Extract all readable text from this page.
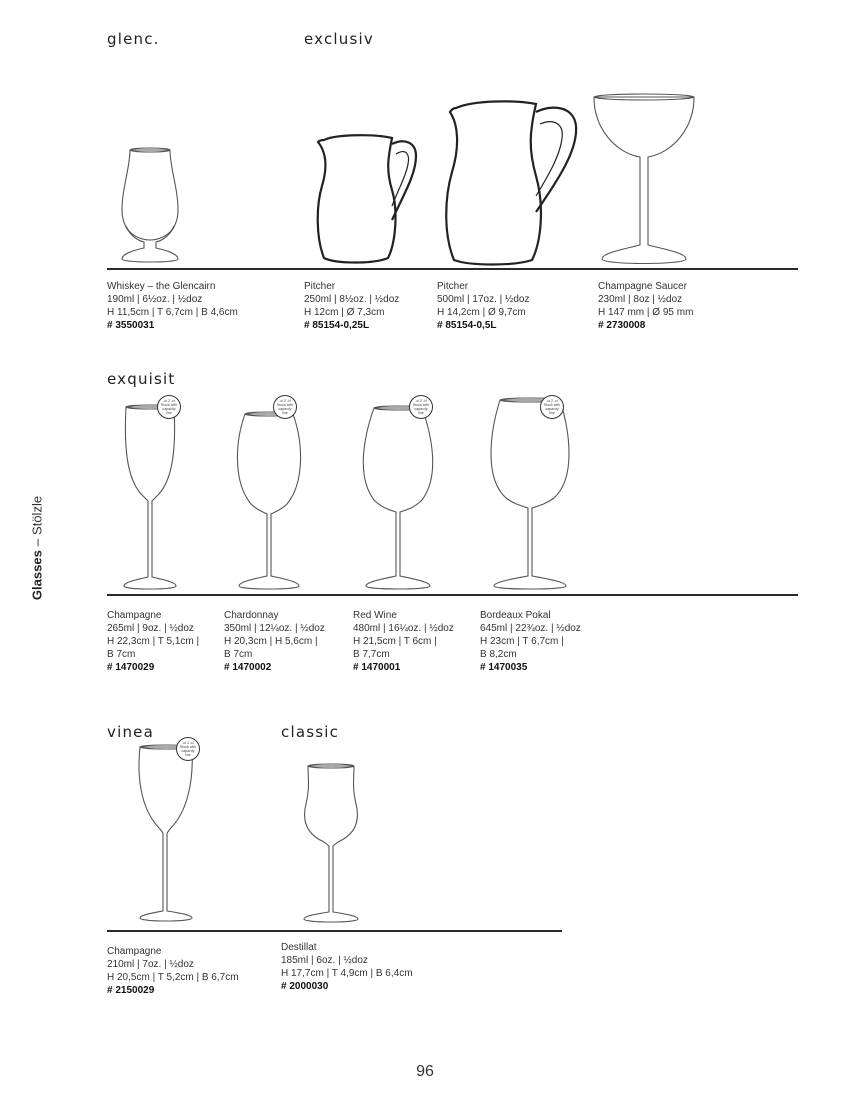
glenc.	exclusiv
exquisit
vinea	classic
Whiskey – the Glencairn
190ml | 6½oz. | ½doz
H 11,5cm | T 6,7cm | B 4,6cm
# 3550031
Pitcher
250ml | 8½oz. | ½doz
H 12cm | Ø 7,3cm
# 85154-0,25L
Pitcher
500ml | 17oz. | ½doz
H 14,2cm | Ø 9,7cm
# 85154-0,5L
Champagne Saucer
230ml | 8oz | ½doz
H 147 mm | Ø 95 mm
# 2730008
-cl 2 -cl
Stock with
capacity
line
-cl 2 -cl
Stock with
capacity
line
-cl 2 -cl
Stock with
capacity
line
-cl 2 -cl
Stock with
capacity
line
Champagne
265ml | 9oz. | ½doz
H 22,3cm | T 5,1cm |
B 7cm
# 1470029
Chardonnay
350ml | 12¼oz. | ½doz
H 20,3cm | H 5,6cm |
B 7cm
# 1470002
Red Wine
480ml | 16¼oz. | ½doz
H 21,5cm | T 6cm |
B 7,7cm
# 1470001
Bordeaux Pokal
645ml | 22¾oz. | ½doz
H 23cm | T 6,7cm |
B 8,2cm
# 1470035
-cl 2 -cl
Stock with
capacity
line
Champagne
210ml | 7oz. | ½doz
H 20,5cm | T 5,2cm | B 6,7cm
# 2150029
Destillat
185ml | 6oz. | ½doz
H 17,7cm | T 4,9cm | B 6,4cm
# 2000030
Glasses–Stölzle
96
